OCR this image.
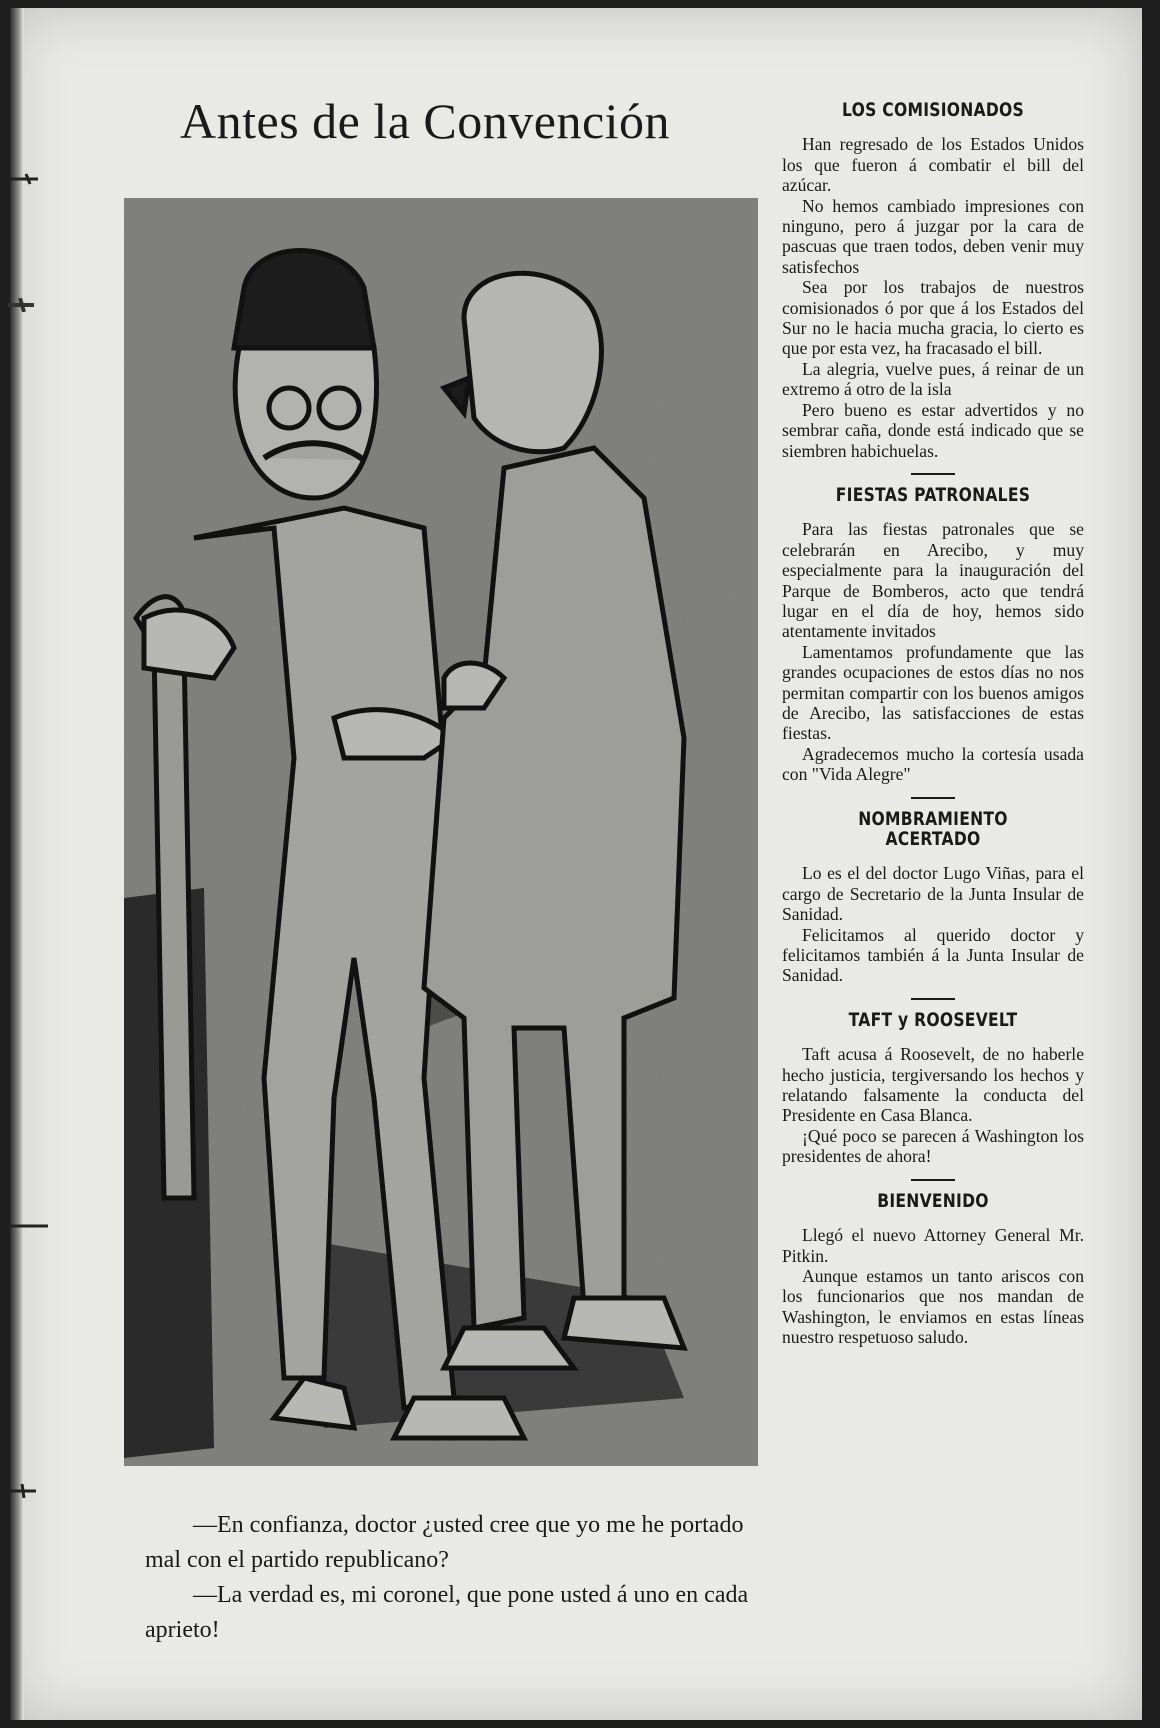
Antes de la Convención

—En confianza, doctor ¿usted cree que yo me he portado mal con el partido republicano?

—La verdad es, mi coronel, que pone usted á uno en cada aprieto!

LOS COMISIONADOS

Han regresado de los Estados Unidos los que fueron á combatir el bill del azúcar.

No hemos cambiado impresiones con ninguno, pero á juzgar por la cara de pascuas que traen todos, deben venir muy satisfechos

Sea por los trabajos de nuestros comisionados ó por que á los Estados del Sur no le hacia mucha gracia, lo cierto es que por esta vez, ha fracasado el bill.

La alegria, vuelve pues, á reinar de un extremo á otro de la isla

Pero bueno es estar advertidos y no sembrar caña, donde está indicado que se siembren habichuelas.

FIESTAS PATRONALES

Para las fiestas patronales que se celebrarán en Arecibo, y muy especialmente para la inauguración del Parque de Bomberos, acto que tendrá lugar en el día de hoy, hemos sido atentamente invitados

Lamentamos profundamente que las grandes ocupaciones de estos días no nos permitan compartir con los buenos amigos de Arecibo, las satisfacciones de estas fiestas.

Agradecemos mucho la cortesía usada con "Vida Alegre"

NOMBRAMIENTO ACERTADO

Lo es el del doctor Lugo Viñas, para el cargo de Secretario de la Junta Insular de Sanidad.

Felicitamos al querido doctor y felicitamos también á la Junta Insular de Sanidad.

TAFT y ROOSEVELT

Taft acusa á Roosevelt, de no haberle hecho justicia, tergiversando los hechos y relatando falsamente la conducta del Presidente en Casa Blanca.

¡Qué poco se parecen á Washington los presidentes de ahora!

BIENVENIDO

Llegó el nuevo Attorney General Mr. Pitkin.

Aunque estamos un tanto ariscos con los funcionarios que nos mandan de Washington, le enviamos en estas líneas nuestro respetuoso saludo.
